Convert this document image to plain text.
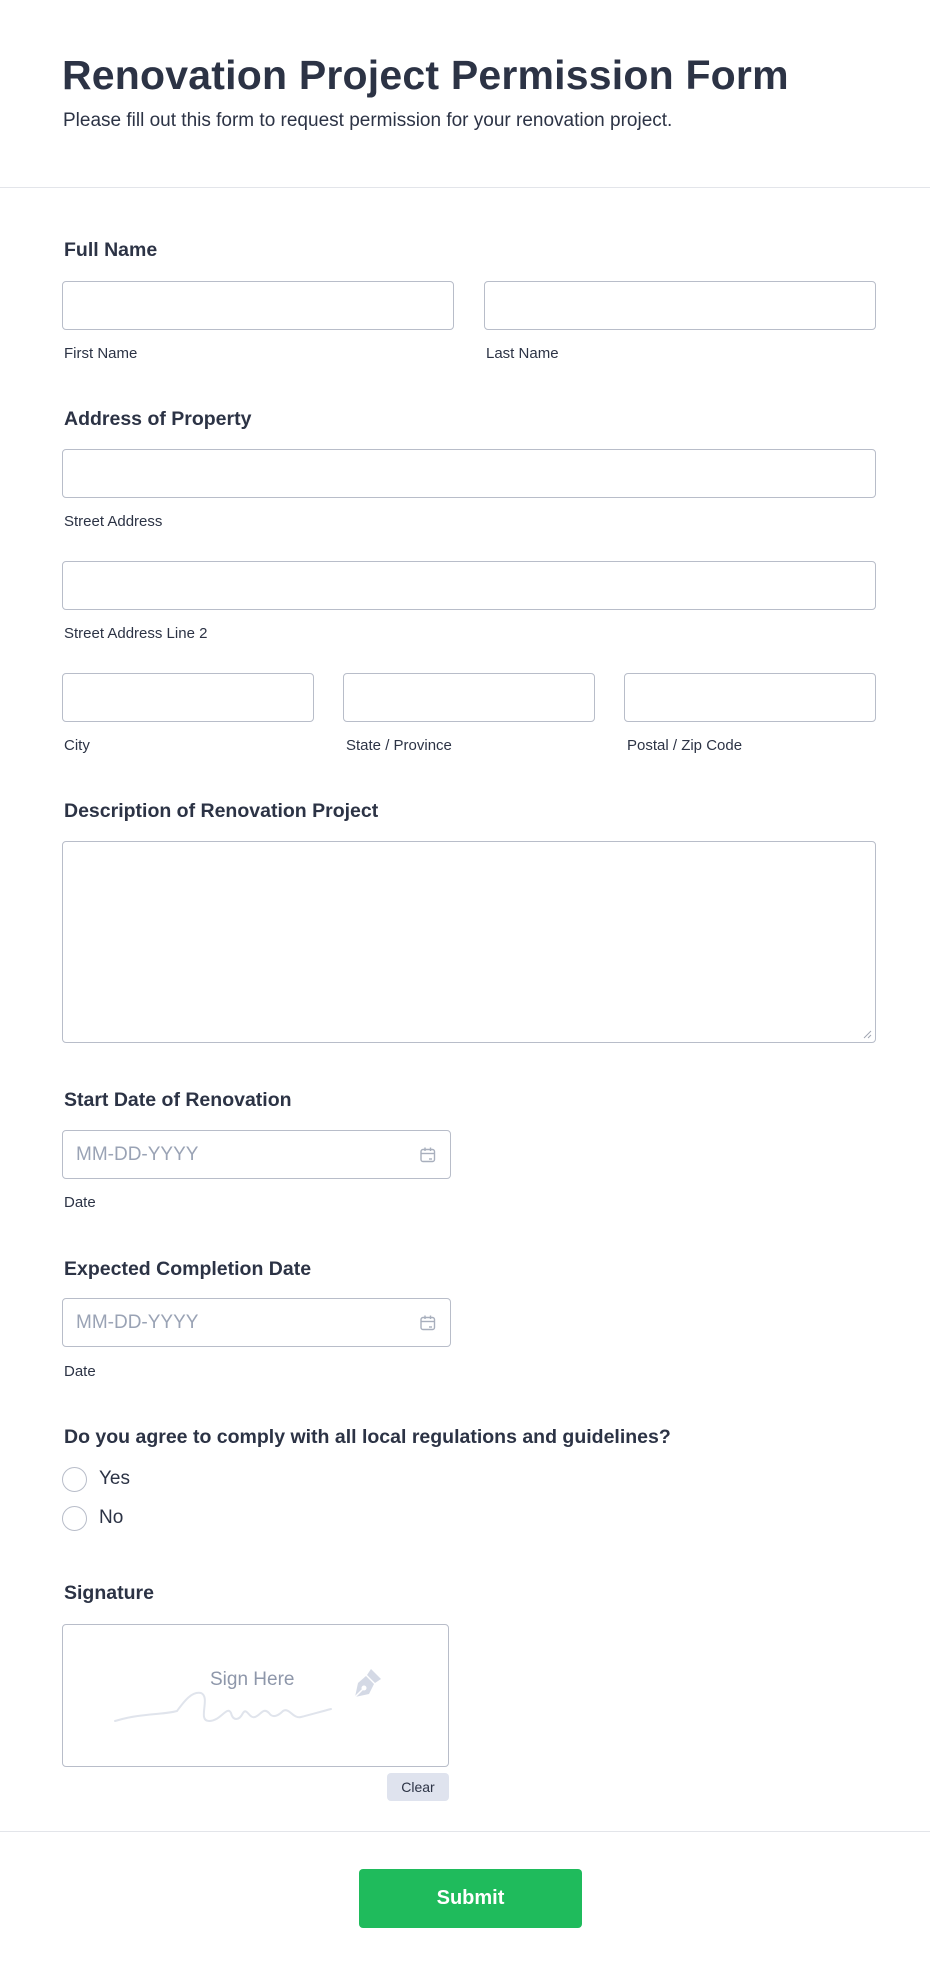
Renovation Project Permission Form
Please fill out this form to request permission for your renovation project.
Full Name
First Name	Last Name
Address of Property
Street Address
Street Address Line 2
City	State / Province	Postal / Zip Code
Description of Renovation Project
Start Date of Renovation
MM-DD-YYYY
Date
Expected Completion Date
MM-DD-YYYY
Date
Do you agree to comply with all local regulations and guidelines?
Yes
No
Signature
Sign Here
Clear
Submit
